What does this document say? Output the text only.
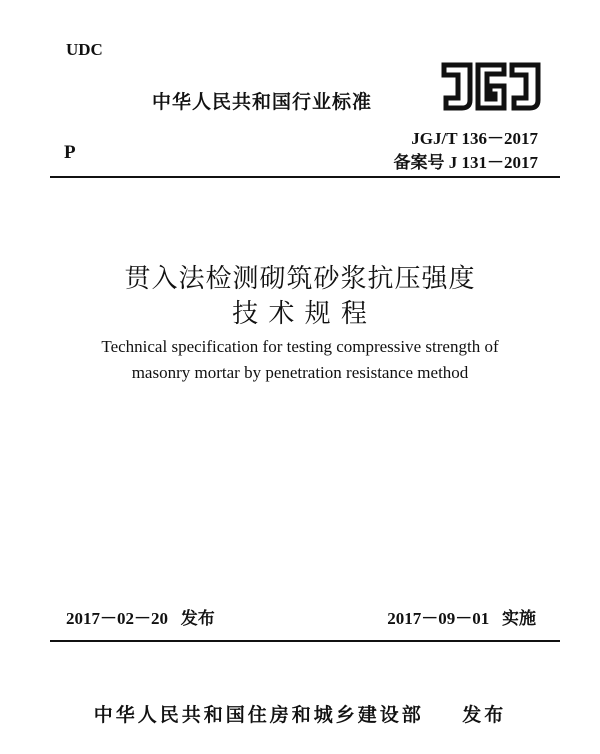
UDC
中华人民共和国行业标准
JGJ
P
JGJ/T 136－2017
备案号 J 131－2017
贯入法检测砌筑砂浆抗压强度
技 术 规 程
Technical specification for testing compressive strength of
masonry mortar by penetration resistance method
2017－02－20 发布	2017－09－01 实施
中华人民共和国住房和城乡建设部 发布
